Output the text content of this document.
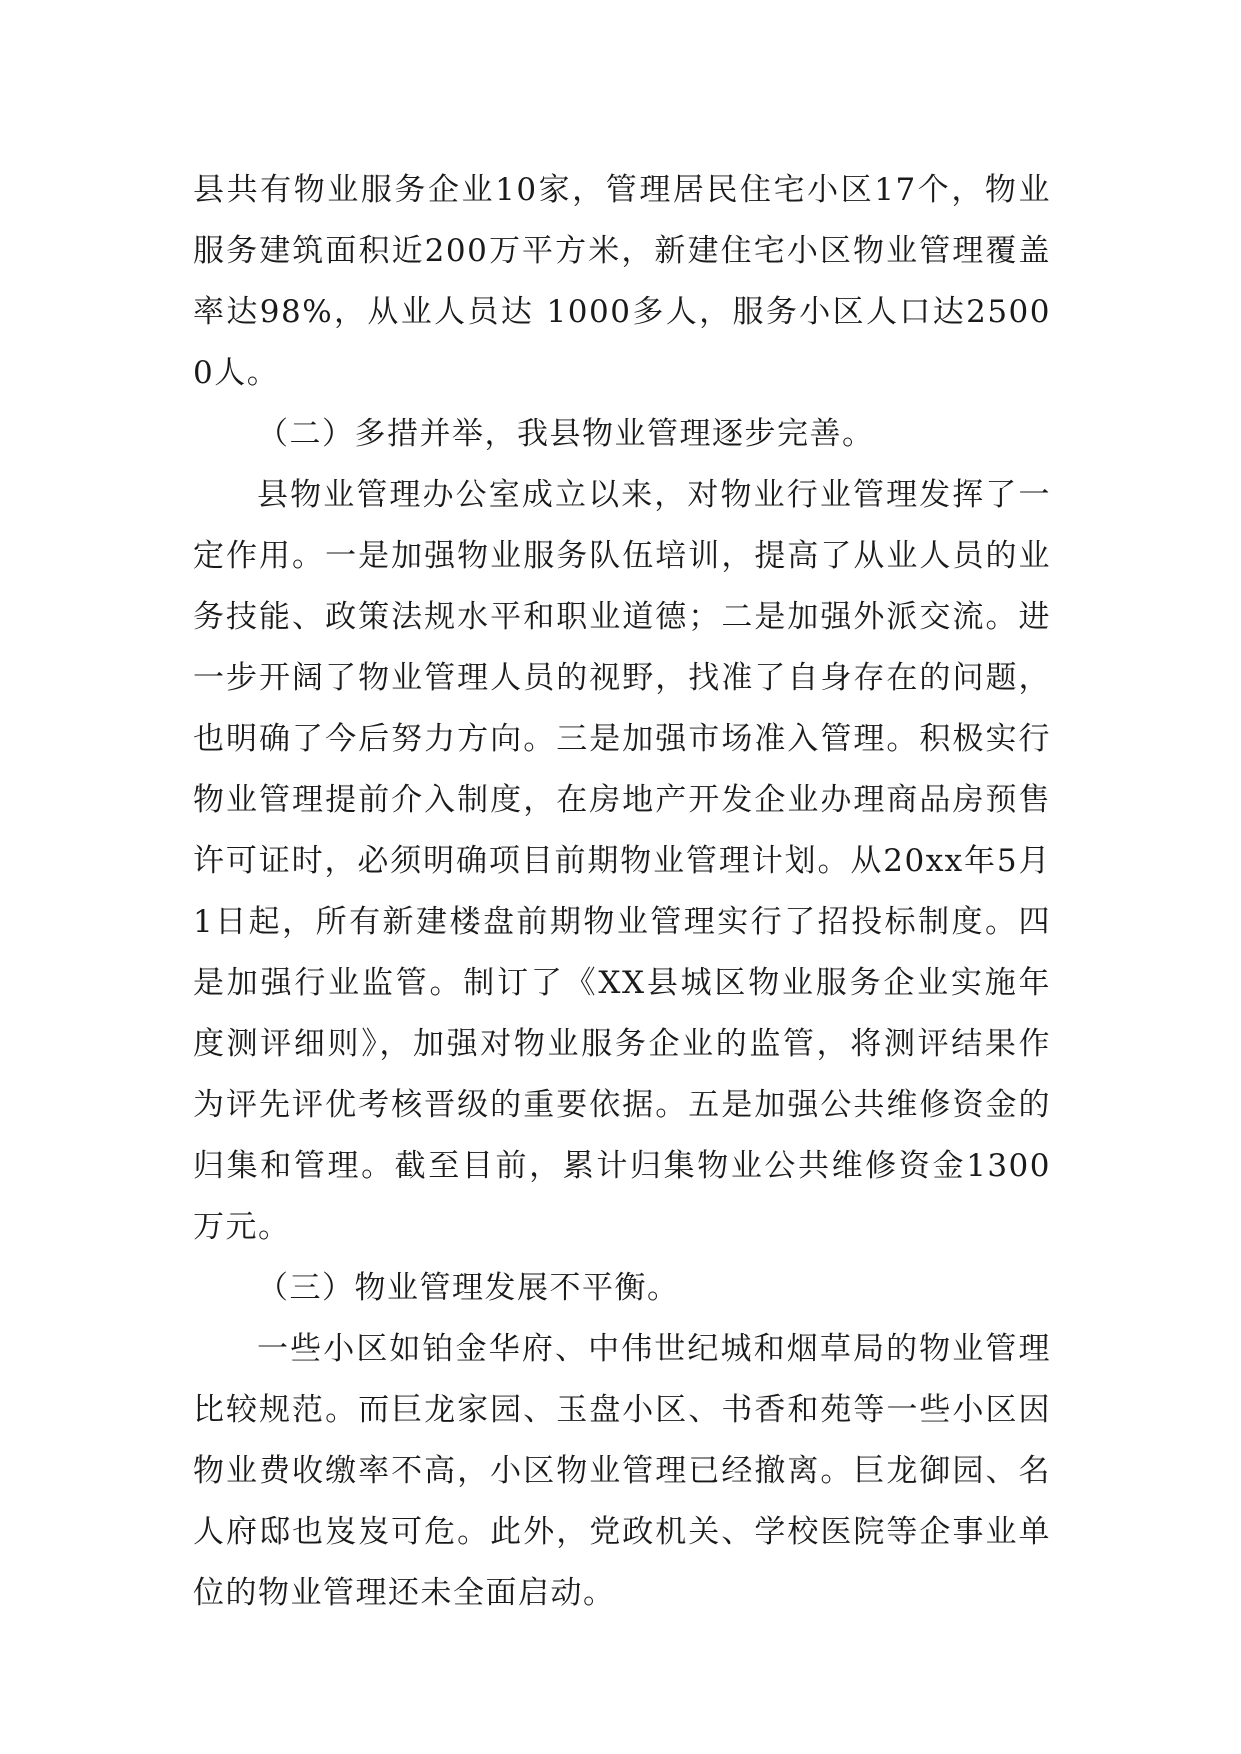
县共有物业服务企业10家，管理居民住宅小区17个，物业服务建筑面积近200万平方米，新建住宅小区物业管理覆盖率达98%，从业人员达 1000多人，服务小区人口达25000人。

（二）多措并举，我县物业管理逐步完善。

县物业管理办公室成立以来，对物业行业管理发挥了一定作用。一是加强物业服务队伍培训，提高了从业人员的业务技能、政策法规水平和职业道德；二是加强外派交流。进一步开阔了物业管理人员的视野，找准了自身存在的问题，也明确了今后努力方向。三是加强市场准入管理。积极实行物业管理提前介入制度，在房地产开发企业办理商品房预售许可证时，必须明确项目前期物业管理计划。从20xx年5月1日起，所有新建楼盘前期物业管理实行了招投标制度。四是加强行业监管。制订了《XX县城区物业服务企业实施年度测评细则》，加强对物业服务企业的监管，将测评结果作为评先评优考核晋级的重要依据。五是加强公共维修资金的归集和管理。截至目前，累计归集物业公共维修资金1300万元。

（三）物业管理发展不平衡。

一些小区如铂金华府、中伟世纪城和烟草局的物业管理比较规范。而巨龙家园、玉盘小区、书香和苑等一些小区因物业费收缴率不高，小区物业管理已经撤离。巨龙御园、名人府邸也岌岌可危。此外，党政机关、学校医院等企事业单位的物业管理还未全面启动。
